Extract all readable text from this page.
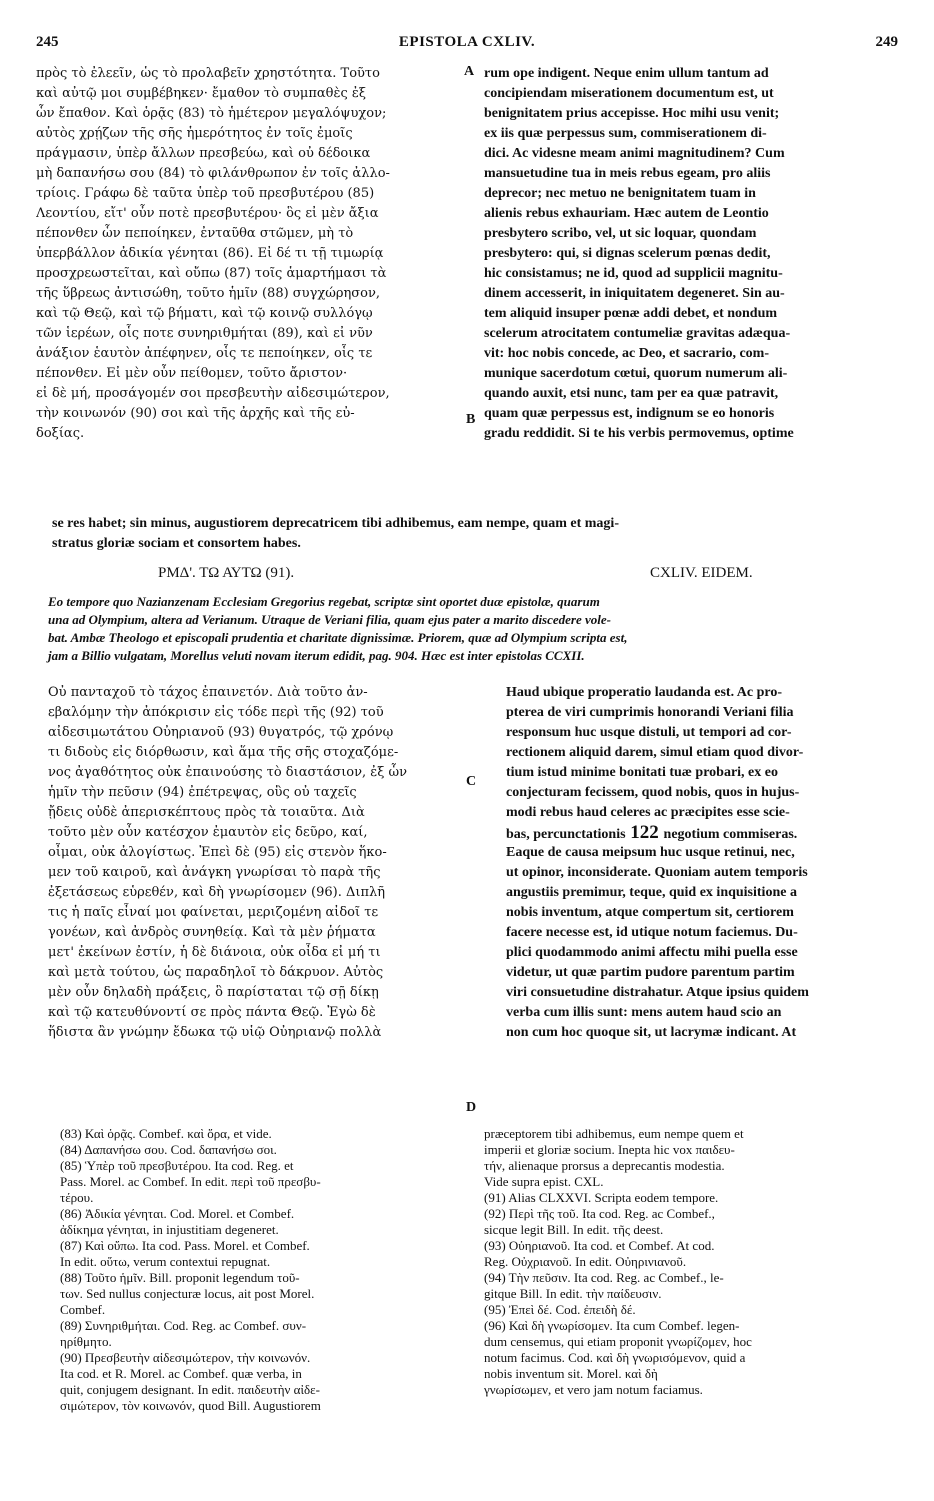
245	EPISTOLA CXLIV.	249
πρὸς τὸ ἐλεεῖν, ὡς τὸ προλαβεῖν χρηστότητα. Τοῦτο
καὶ αὐτῷ μοι συμβέβηκεν· ἔμαθον τὸ συμπαθὲς ἐξ
ὧν ἔπαθον. Καὶ ὁρᾷς (83) τὸ ἡμέτερον μεγαλόψυχον;
αὐτὸς χρῄζων τῆς σῆς ἡμερότητος ἐν τοῖς ἐμοῖς
πράγμασιν, ὑπὲρ ἄλλων πρεσβεύω, καὶ οὐ δέδοικα
μὴ δαπανήσω σου (84) τὸ φιλάνθρωπον ἐν τοῖς ἀλλο-
τρίοις. Γράφω δὲ ταῦτα ὑπὲρ τοῦ πρεσβυτέρου (85)
Λεοντίου, εἴτ' οὖν ποτὲ πρεσβυτέρου· ὃς εἰ μὲν ἄξια
πέπονθεν ὧν πεποίηκεν, ἐνταῦθα στῶμεν, μὴ τὸ
ὑπερβάλλον ἀδικία γένηται (86). Εἰ δέ τι τῇ τιμωρίᾳ
προσχρεωστεῖται, καὶ οὔπω (87) τοῖς ἁμαρτήμασι τὰ
τῆς ὕβρεως ἀντισώθη, τοῦτο ἡμῖν (88) συγχώρησον,
καὶ τῷ Θεῷ, καὶ τῷ βήματι, καὶ τῷ κοινῷ συλλόγῳ
τῶν ἱερέων, οἷς ποτε συνηριθμήται (89), καὶ εἰ νῦν
ἀνάξιον ἑαυτὸν ἀπέφηνεν, οἷς τε πεποίηκεν, οἷς τε
πέπονθεν. Εἰ μὲν οὖν πείθομεν, τοῦτο ἄριστον·
εἰ δὲ μή, προσάγομέν σοι πρεσβευτὴν αἰδεσιμώτερον,
τὴν κοινωνόν (90) σοι καὶ τῆς ἀρχῆς καὶ τῆς εὐ-
δοξίας.
rum ope indigent. Neque enim ullum tantum ad
concipiendam miserationem documentum est, ut
benignitatem prius accepisse. Hoc mihi usu venit;
ex iis quæ perpessus sum, commiserationem di-
dici. Ac videsne meam animi magnitudinem? Cum
mansuetudine tua in meis rebus egeam, pro aliis
deprecor; nec metuo ne benignitatem tuam in
alienis rebus exhauriam. Hæc autem de Leontio
presbytero scribo, vel, ut sic loquar, quondam
presbytero: qui, si dignas scelerum pœnas dedit,
hic consistamus; ne id, quod ad supplicii magnitu-
dinem accesserit, in iniquitatem degeneret. Sin au-
tem aliquid insuper pœnæ addi debet, et nondum
scelerum atrocitatem contumeliæ gravitas adæqua-
vit: hoc nobis concede, ac Deo, et sacrario, com-
munique sacerdotum cœtui, quorum numerum ali-
quando auxit, etsi nunc, tam per ea quæ patravit,
quam quæ perpessus est, indignum se eo honoris
gradu reddidit. Si te his verbis permovemus, optime
A
B
C
D
se res habet; sin minus, augustiorem deprecatricem tibi adhibemus, eam nempe, quam et magi-
stratus gloriæ sociam et consortem habes.
ΡΜΔ'. ΤΩ ΑΥΤΩ (91).	CXLIV. EIDEM.
Eo tempore quo Nazianzenam Ecclesiam Gregorius regebat, scriptæ sint oportet duæ epistolæ, quarum
una ad Olympium, altera ad Verianum. Utraque de Veriani filia, quam ejus pater a marito discedere vole-
bat. Ambæ Theologo et episcopali prudentia et charitate dignissimæ. Priorem, quæ ad Olympium scripta est,
jam a Billio vulgatam, Morellus veluti novam iterum edidit, pag. 904. Hæc est inter epistolas CCXII.
Οὐ πανταχοῦ τὸ τάχος ἐπαινετόν. Διὰ τοῦτο ἀν-
εβαλόμην τὴν ἀπόκρισιν εἰς τόδε περὶ τῆς (92) τοῦ
αἰδεσιμωτάτου Οὐηριανοῦ (93) θυγατρός, τῷ χρόνῳ
τι διδοὺς εἰς διόρθωσιν, καὶ ἅμα τῆς σῆς στοχαζόμε-
νος ἀγαθότητος οὐκ ἐπαινούσης τὸ διαστάσιον, ἐξ ὧν
ἡμῖν τὴν πεῦσιν (94) ἐπέτρεψας, οὓς οὐ ταχεῖς
ᾔδεις οὐδὲ ἀπερισκέπτους πρὸς τὰ τοιαῦτα. Διὰ
τοῦτο μὲν οὖν κατέσχον ἐμαυτὸν εἰς δεῦρο, καί,
οἶμαι, οὐκ ἀλογίστως. Ἐπεὶ δὲ (95) εἰς στενὸν ἥκο-
μεν τοῦ καιροῦ, καὶ ἀνάγκη γνωρίσαι τὸ παρὰ τῆς
ἐξετάσεως εὑρεθέν, καὶ δὴ γνωρίσομεν (96). Διπλῆ
τις ἡ παῖς εἶναί μοι φαίνεται, μεριζομένη αἰδοῖ τε
γονέων, καὶ ἀνδρὸς συνηθείᾳ. Καὶ τὰ μὲν ῥήματα
μετ' ἐκείνων ἐστίν, ἡ δὲ διάνοια, οὐκ οἶδα εἰ μή τι
καὶ μετὰ τούτου, ὡς παραδηλοῖ τὸ δάκρυον. Αὐτὸς
μὲν οὖν δηλαδὴ πράξεις, ὃ παρίσταται τῷ σῇ δίκῃ
καὶ τῷ κατευθύνοντί σε πρὸς πάντα Θεῷ. Ἐγὼ δὲ
ἥδιστα ἂν γνώμην ἔδωκα τῷ υἱῷ Οὐηριανῷ πολλὰ
Haud ubique properatio laudanda est. Ac pro-
pterea de viri cumprimis honorandi Veriani filia
responsum huc usque distuli, ut tempori ad cor-
rectionem aliquid darem, simul etiam quod divor-
tium istud minime bonitati tuæ probari, ex eo
conjecturam fecissem, quod nobis, quos in hujus-
modi rebus haud celeres ac præcipites esse scie-
bas, percunctationis 122 negotium commiseras.
Eaque de causa meipsum huc usque retinui, nec,
ut opinor, inconsiderate. Quoniam autem temporis
angustiis premimur, teque, quid ex inquisitione a
nobis inventum, atque compertum sit, certiorem
facere necesse est, id utique notum faciemus. Du-
plici quodammodo animi affectu mihi puella esse
videtur, ut quæ partim pudore parentum partim
viri consuetudine distrahatur. Atque ipsius quidem
verba cum illis sunt: mens autem haud scio an
non cum hoc quoque sit, ut lacrymæ indicant. At
(83) Καὶ ὁρᾷς. Combef. καὶ ὅρα, et vide.
(84) Δαπανήσω σου. Cod. δαπανήσω σοι.
(85) Ὑπὲρ τοῦ πρεσβυτέρου. Ita cod. Reg. et
Pass. Morel. ac Combef. In edit. περὶ τοῦ πρεσβυ-
τέρου.
(86) Ἀδικία γένηται. Cod. Morel. et Combef.
ἀδίκημα γένηται, in injustitiam degeneret.
(87) Καὶ οὔπω. Ita cod. Pass. Morel. et Combef.
In edit. οὕτω, verum contextui repugnat.
(88) Τοῦτο ἡμῖν. Bill. proponit legendum τοῦ-
των. Sed nullus conjecturæ locus, ait post Morel.
Combef.
(89) Συνηριθμήται. Cod. Reg. ac Combef. συν-
ηρίθμητο.
(90) Πρεσβευτὴν αἰδεσιμώτερον, τὴν κοινωνόν.
Ita cod. et R. Morel. ac Combef. quæ verba, in
quit, conjugem designant. In edit. παιδευτὴν αἰδε-
σιμώτερον, τὸν κοινωνόν, quod Bill. Augustiorem
præceptorem tibi adhibemus, eum nempe quem et
imperii et gloriæ socium. Inepta hic vox παιδευ-
τήν, alienaque prorsus a deprecantis modestia.
Vide supra epist. CXL.
(91) Alias CLXXVI. Scripta eodem tempore.
(92) Περὶ τῆς τοῦ. Ita cod. Reg. ac Combef.,
sicque legit Bill. In edit. τῆς deest.
(93) Οὐηριανοῦ. Ita cod. et Combef. At cod.
Reg. Οὐχριανοῦ. In edit. Οὐηρινιανοῦ.
(94) Τὴν πεῦσιν. Ita cod. Reg. ac Combef., le-
gitque Bill. In edit. τὴν παίδευσιν.
(95) Ἐπεὶ δέ. Cod. ἐπειδὴ δέ.
(96) Καὶ δὴ γνωρίσομεν. Ita cum Combef. legen-
dum censemus, qui etiam proponit γνωρίζομεν, hoc
notum facimus. Cod. καὶ δὴ γνωρισόμενον, quid a
nobis inventum sit. Morel. καὶ δὴ
γνωρίσωμεν, et vero jam notum faciamus.
